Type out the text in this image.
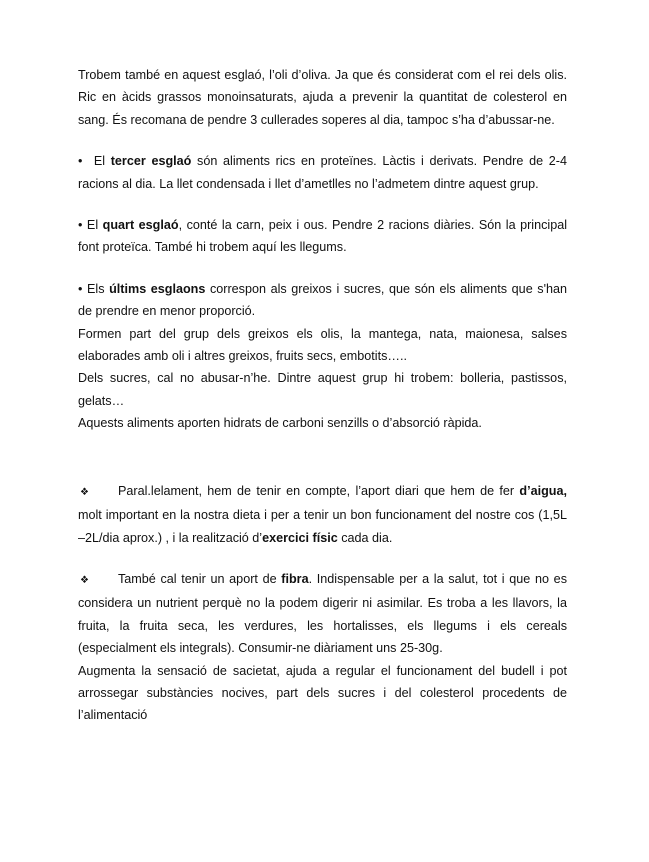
Trobem també en aquest esglaó, l’oli d’oliva. Ja que és considerat com el rei dels olis. Ric en àcids grassos monoinsaturats, ajuda a prevenir la quantitat de colesterol en sang. És recomana de pendre 3 cullerades soperes al dia, tampoc s’ha d’abussar-ne.

• El tercer esglaó són aliments rics en proteïnes. Làctis i derivats. Pendre de 2-4 racions al dia. La llet condensada i llet d’ametlles no l’admetem dintre aquest grup.

• El quart esglaó, conté la carn, peix i ous. Pendre 2 racions diàries. Són la principal font proteïca. També hi trobem aquí les llegums.

• Els últims esglaons correspon als greixos i sucres, que són els aliments que s'han de prendre en menor proporció.

Formen part del grup dels greixos els olis, la mantega, nata, maionesa, salses elaborades amb oli i altres greixos, fruits secs, embotits…..

Dels sucres, cal no abusar-n’he. Dintre aquest grup hi trobem: bolleria, pastissos, gelats…

Aquests aliments aporten hidrats de carboni senzills o d’absorció ràpida.

❖ Paral.lelament, hem de tenir en compte, l’aport diari que hem de fer d’aigua, molt important en la nostra dieta i per a tenir un bon funcionament del nostre cos (1,5L –2L/dia aprox.) , i la realització d’exercici físic cada dia.

❖ També cal tenir un aport de fibra. Indispensable per a la salut, tot i que no es considera un nutrient perquè no la podem digerir ni asimilar. Es troba a les llavors, la fruita, la fruita seca, les verdures, les hortalisses, els llegums i els cereals (especialment els integrals). Consumir-ne diàriament uns 25-30g.

Augmenta la sensació de sacietat, ajuda a regular el funcionament del budell i pot arrossegar substàncies nocives, part dels sucres i del colesterol procedents de l’alimentació
